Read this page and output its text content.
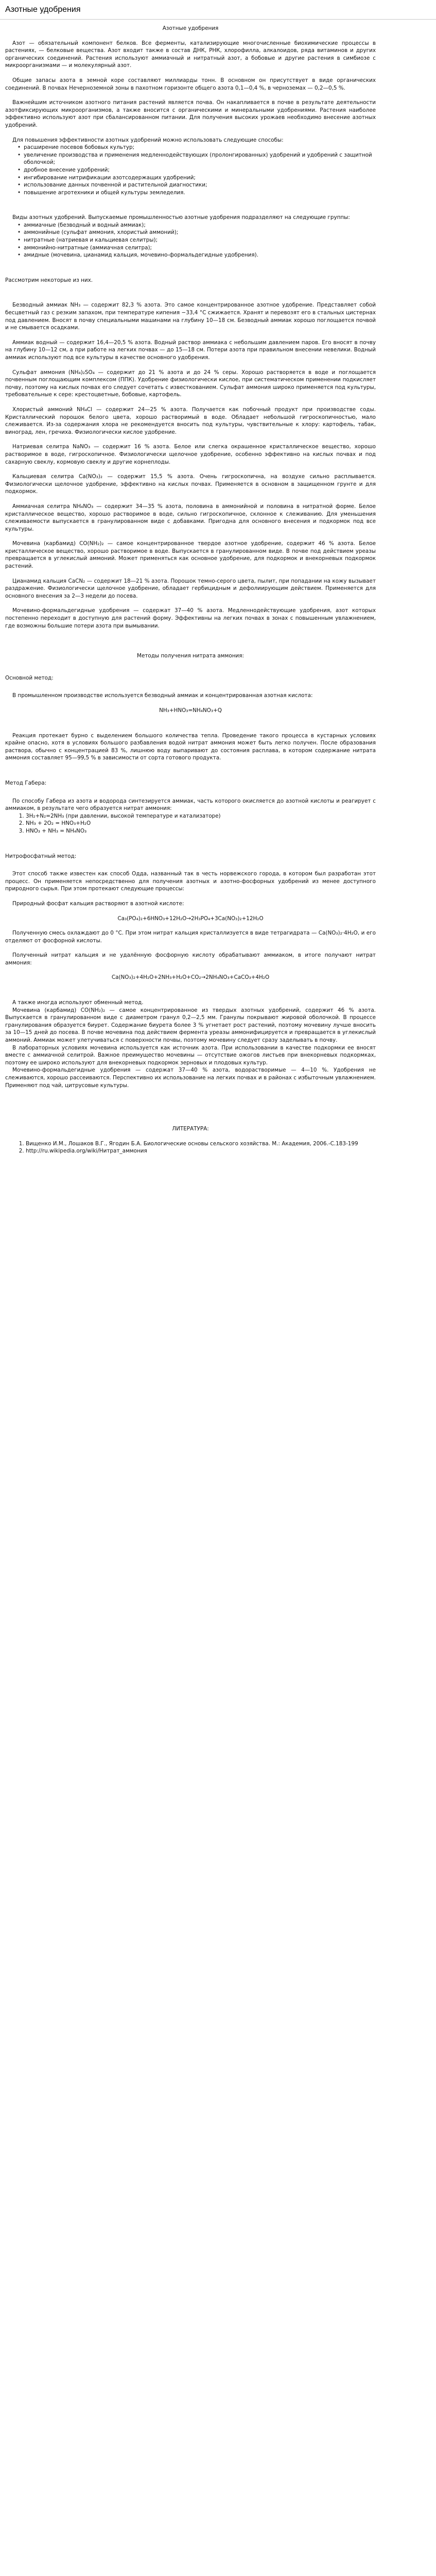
Азотные удобрения
Азотные удобрения

Азот — обязательный компонент белков. Все ферменты, катализирующие многочисленные биохимические процессы в растениях, — белковые вещества. Азот входит также в состав ДНК, РНК, хлорофилла, алкалоидов, ряда витаминов и других органических соединений. Растения используют аммиачный и нитратный азот, а бобовые и другие растения в симбиозе с микроорганизмами — и молекулярный азот.

Общие запасы азота в земной коре составляют миллиарды тонн. В основном он присутствует в виде органических соединений. В почвах Нечерноземной зоны в пахотном горизонте общего азота 0,1—0,4 %, в черноземах — 0,2—0,5 %.

Важнейшим источником азотного питания растений является почва. Он накапливается в почве в результате деятельности азотфиксирующих микроорганизмов, а также вносится с органическими и минеральными удобрениями. Растения наиболее эффективно используют азот при сбалансированном питании. Для получения высоких урожаев необходимо внесение азотных удобрений.

Для повышения эффективности азотных удобрений можно использовать следующие способы:

• расширение посевов бобовых культур;
• увеличение производства и применения медленнодействующих (пролонгированных) удобрений и удобрений с защитной оболочкой;
• дробное внесение удобрений;
• ингибирование нитрификации азотсодержащих удобрений;
• использование данных почвенной и растительной диагностики;
• повышение агротехники и общей культуры земледелия.

Виды азотных удобрений. Выпускаемые промышленностью азотные удобрения подразделяют на следующие группы:

• аммиачные (безводный и водный аммиак);
• аммонийные (сульфат аммония, хлористый аммоний);
• нитратные (натриевая и кальциевая селитры);
• аммонийно-нитратные (аммиачная селитра);
• амидные (мочевина, цианамид кальция, мочевино-формальдегидные удобрения).

Рассмотрим некоторые из них.

Безводный аммиак NH₃ — содержит 82,3 % азота. Это самое концентрированное азотное удобрение. Представляет собой бесцветный газ с резким запахом, при температуре кипения −33,4 °C сжижается. Хранят и перевозят его в стальных цистернах под давлением. Вносят в почву специальными машинами на глубину 10—18 см. Безводный аммиак хорошо поглощается почвой и не смывается осадками.

Аммиак водный — содержит 16,4—20,5 % азота. Водный раствор аммиака с небольшим давлением паров. Его вносят в почву на глубину 10—12 см, а при работе на легких почвах — до 15—18 см. Потери азота при правильном внесении невелики. Водный аммиак используют под все культуры в качестве основного удобрения.

Сульфат аммония (NH₄)₂SO₄ — содержит до 21 % азота и до 24 % серы. Хорошо растворяется в воде и поглощается почвенным поглощающим комплексом (ППК). Удобрение физиологически кислое, при систематическом применении подкисляет почву, поэтому на кислых почвах его следует сочетать с известкованием. Сульфат аммония широко применяется под культуры, требовательные к сере: крестоцветные, бобовые, картофель.

Хлористый аммоний NH₄Cl — содержит 24—25 % азота. Получается как побочный продукт при производстве соды. Кристаллический порошок белого цвета, хорошо растворимый в воде. Обладает небольшой гигроскопичностью, мало слеживается. Из-за содержания хлора не рекомендуется вносить под культуры, чувствительные к хлору: картофель, табак, виноград, лен, гречиха. Физиологически кислое удобрение.

Натриевая селитра NaNO₃ — содержит 16 % азота. Белое или слегка окрашенное кристаллическое вещество, хорошо растворимое в воде, гигроскопичное. Физиологически щелочное удобрение, особенно эффективно на кислых почвах и под сахарную свеклу, кормовую свеклу и другие корнеплоды.

Кальциевая селитра Ca(NO₃)₂ — содержит 15,5 % азота. Очень гигроскопична, на воздухе сильно расплывается. Физиологически щелочное удобрение, эффективно на кислых почвах. Применяется в основном в защищенном грунте и для подкормок.

Аммиачная селитра NH₄NO₃ — содержит 34—35 % азота, половина в аммонийной и половина в нитратной форме. Белое кристаллическое вещество, хорошо растворимое в воде, сильно гигроскопичное, склонное к слеживанию. Для уменьшения слеживаемости выпускается в гранулированном виде с добавками. Пригодна для основного внесения и подкормок под все культуры.

Мочевина (карбамид) CO(NH₂)₂ — самое концентрированное твердое азотное удобрение, содержит 46 % азота. Белое кристаллическое вещество, хорошо растворимое в воде. Выпускается в гранулированном виде. В почве под действием уреазы превращается в углекислый аммоний. Может применяться как основное удобрение, для подкормок и внекорневых подкормок растений.

Цианамид кальция CaCN₂ — содержит 18—21 % азота. Порошок темно-серого цвета, пылит, при попадании на кожу вызывает раздражение. Физиологически щелочное удобрение, обладает гербицидным и дефолиирующим действием. Применяется для основного внесения за 2—3 недели до посева.

Мочевино-формальдегидные удобрения — содержат 37—40 % азота. Медленнодействующие удобрения, азот которых постепенно переходит в доступную для растений форму. Эффективны на легких почвах в зонах с повышенным увлажнением, где возможны большие потери азота при вымывании.

Методы получения нитрата аммония:

Основной метод:

В промышленном производстве используется безводный аммиак и концентрированная азотная кислота:

NH₃+HNO₃=NH₄NO₃+Q

Реакция протекает бурно с выделением большого количества тепла. Проведение такого процесса в кустарных условиях крайне опасно, хотя в условиях большого разбавления водой нитрат аммония может быть легко получен. После образования раствора, обычно с концентрацией 83 %, лишнюю воду выпаривают до состояния расплава, в котором содержание нитрата аммония составляет 95—99,5 % в зависимости от сорта готового продукта.

Метод Габера:

По способу Габера из азота и водорода синтезируется аммиак, часть которого окисляется до азотной кислоты и реагирует с аммиаком, в результате чего образуется нитрат аммония:

1. 3H₂+N₂=2NH₃ (при давлении, высокой температуре и катализаторе)
2. NH₃ + 2O₂ = HNO₃+H₂O
3. HNO₃ + NH₃ = NH₄NO₃

Нитрофосфатный метод:

Этот способ также известен как способ Одда, названный так в честь норвежского города, в котором был разработан этот процесс. Он применяется непосредственно для получения азотных и азотно-фосфорных удобрений из менее доступного природного сырья. При этом протекают следующие процессы:

Природный фосфат кальция растворяют в азотной кислоте:

Ca₃(PO₄)₂+6HNO₃+12H₂O→2H₃PO₄+3Ca(NO₃)₂+12H₂O

Полученную смесь охлаждают до 0 °С. При этом нитрат кальция кристаллизуется в виде тетрагидрата — Ca(NO₃)₂·4H₂O, и его отделяют от фосфорной кислоты.

Полученный нитрат кальция и не удалённую фосфорную кислоту обрабатывают аммиаком, в итоге получают нитрат аммония:

Ca(NO₃)₂+4H₂O+2NH₃+H₂O+CO₂→2NH₄NO₃+CaCO₃+4H₂O

А также иногда используют обменный метод.

Мочевина (карбамид) CO(NH₂)₂ — самое концентрированное из твердых азотных удобрений, содержит 46 % азота. Выпускается в гранулированном виде с диаметром гранул 0,2—2,5 мм. Гранулы покрывают жировой оболочкой. В процессе гранулирования образуется биурет. Содержание биурета более 3 % угнетает рост растений, поэтому мочевину лучше вносить за 10—15 дней до посева. В почве мочевина под действием фермента уреазы аммонифицируется и превращается в углекислый аммоний. Аммиак может улетучиваться с поверхности почвы, поэтому мочевину следует сразу заделывать в почву.

В лабораторных условиях мочевина используется как источник азота. При использовании в качестве подкормки ее вносят вместе с аммиачной селитрой. Важное преимущество мочевины — отсутствие ожогов листьев при внекорневых подкормках, поэтому ее широко используют для внекорневых подкормок зерновых и плодовых культур.

Мочевино-формальдегидные удобрения — содержат 37—40 % азота, водорастворимые — 4—10 %. Удобрения не слеживаются, хорошо рассеиваются. Перспективно их использование на легких почвах и в районах с избыточным увлажнением. Применяют под чай, цитрусовые культуры.

ЛИТЕРАТУРА:
1. Вищенко И.М., Лошаков В.Г., Ягодин Б.А. Биологические основы сельского хозяйства. М.: Академия, 2006.-С.183-199
2. http://ru.wikipedia.org/wiki/Нитрат_аммония
